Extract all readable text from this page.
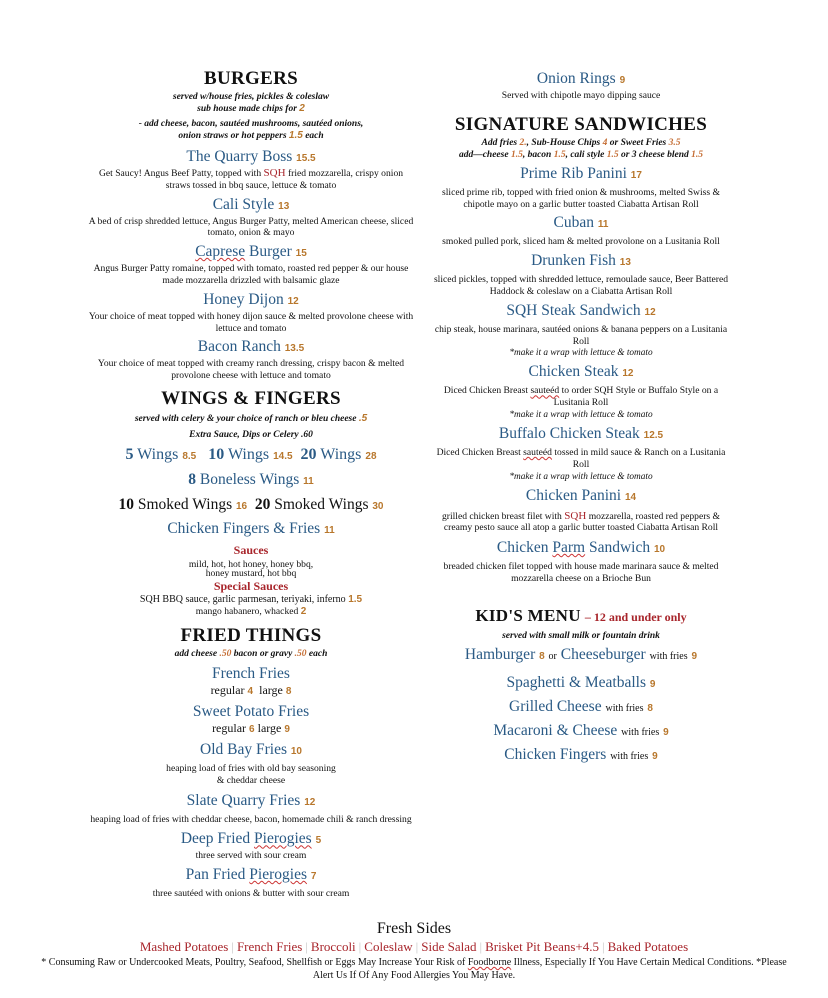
BURGERS
served w/house fries, pickles & coleslaw
sub house made chips for 2
- add cheese, bacon, sautéed mushrooms, sautéed onions,
onion straws or hot peppers 1.5 each
The Quarry Boss 15.5
Get Saucy! Angus Beef Patty, topped with SQH fried mozzarella, crispy onion straws tossed in bbq sauce, lettuce & tomato
Cali Style 13
A bed of crisp shredded lettuce, Angus Burger Patty, melted American cheese, sliced tomato, onion & mayo
Caprese Burger 15
Angus Burger Patty romaine, topped with tomato, roasted red pepper & our house made mozzarella drizzled with balsamic glaze
Honey Dijon 12
Your choice of meat topped with honey dijon sauce & melted provolone cheese with lettuce and tomato
Bacon Ranch 13.5
Your choice of meat topped with creamy ranch dressing, crispy bacon & melted provolone cheese with lettuce and tomato
WINGS & FINGERS
served with celery & your choice of ranch or bleu cheese .5
Extra Sauce, Dips or Celery .60
5 Wings 8.5 10 Wings 14.5 20 Wings 28
8 Boneless Wings 11
10 Smoked Wings 16 20 Smoked Wings 30
Chicken Fingers & Fries 11
Sauces
mild, hot, hot honey, honey bbq,
honey mustard, hot bbq
Special Sauces
SQH BBQ sauce, garlic parmesan, teriyaki, inferno 1.5
mango habanero, whacked 2
FRIED THINGS
add cheese .50 bacon or gravy .50 each
French Fries
regular 4 large 8
Sweet Potato Fries
regular 6 large 9
Old Bay Fries 10
heaping load of fries with old bay seasoning
& cheddar cheese
Slate Quarry Fries 12
heaping load of fries with cheddar cheese, bacon, homemade chili & ranch dressing
Deep Fried Pierogies 5
three served with sour cream
Pan Fried Pierogies 7
three sautéed with onions & butter with sour cream
Onion Rings 9
Served with chipotle mayo dipping sauce
SIGNATURE SANDWICHES
Add fries 2., Sub-House Chips 4 or Sweet Fries 3.5
add—cheese 1.5, bacon 1.5, cali style 1.5 or 3 cheese blend 1.5
Prime Rib Panini 17
sliced prime rib, topped with fried onion & mushrooms, melted Swiss & chipotle mayo on a garlic butter toasted Ciabatta Artisan Roll
Cuban 11
smoked pulled pork, sliced ham & melted provolone on a Lusitania Roll
Drunken Fish 13
sliced pickles, topped with shredded lettuce, remoulade sauce, Beer Battered Haddock & coleslaw on a Ciabatta Artisan Roll
SQH Steak Sandwich 12
chip steak, house marinara, sautéed onions & banana peppers on a Lusitania Roll
*make it a wrap with lettuce & tomato
Chicken Steak 12
Diced Chicken Breast sauteéd to order SQH Style or Buffalo Style on a Lusitania Roll
*make it a wrap with lettuce & tomato
Buffalo Chicken Steak 12.5
Diced Chicken Breast sauteéd tossed in mild sauce & Ranch on a Lusitania Roll
*make it a wrap with lettuce & tomato
Chicken Panini 14
grilled chicken breast filet with SQH mozzarella, roasted red peppers & creamy pesto sauce all atop a garlic butter toasted Ciabatta Artisan Roll
Chicken Parm Sandwich 10
breaded chicken filet topped with house made marinara sauce & melted mozzarella cheese on a Brioche Bun
KID'S MENU – 12 and under only
served with small milk or fountain drink
Hamburger 8 or Cheeseburger with fries 9
Spaghetti & Meatballs 9
Grilled Cheese with fries 8
Macaroni & Cheese with fries 9
Chicken Fingers with fries 9
Fresh Sides
Mashed Potatoes | French Fries | Broccoli | Coleslaw | Side Salad | Brisket Pit Beans+4.5 | Baked Potatoes
* Consuming Raw or Undercooked Meats, Poultry, Seafood, Shellfish or Eggs May Increase Your Risk of Foodborne Illness, Especially If You Have Certain Medical Conditions. *Please Alert Us If Of Any Food Allergies You May Have.
